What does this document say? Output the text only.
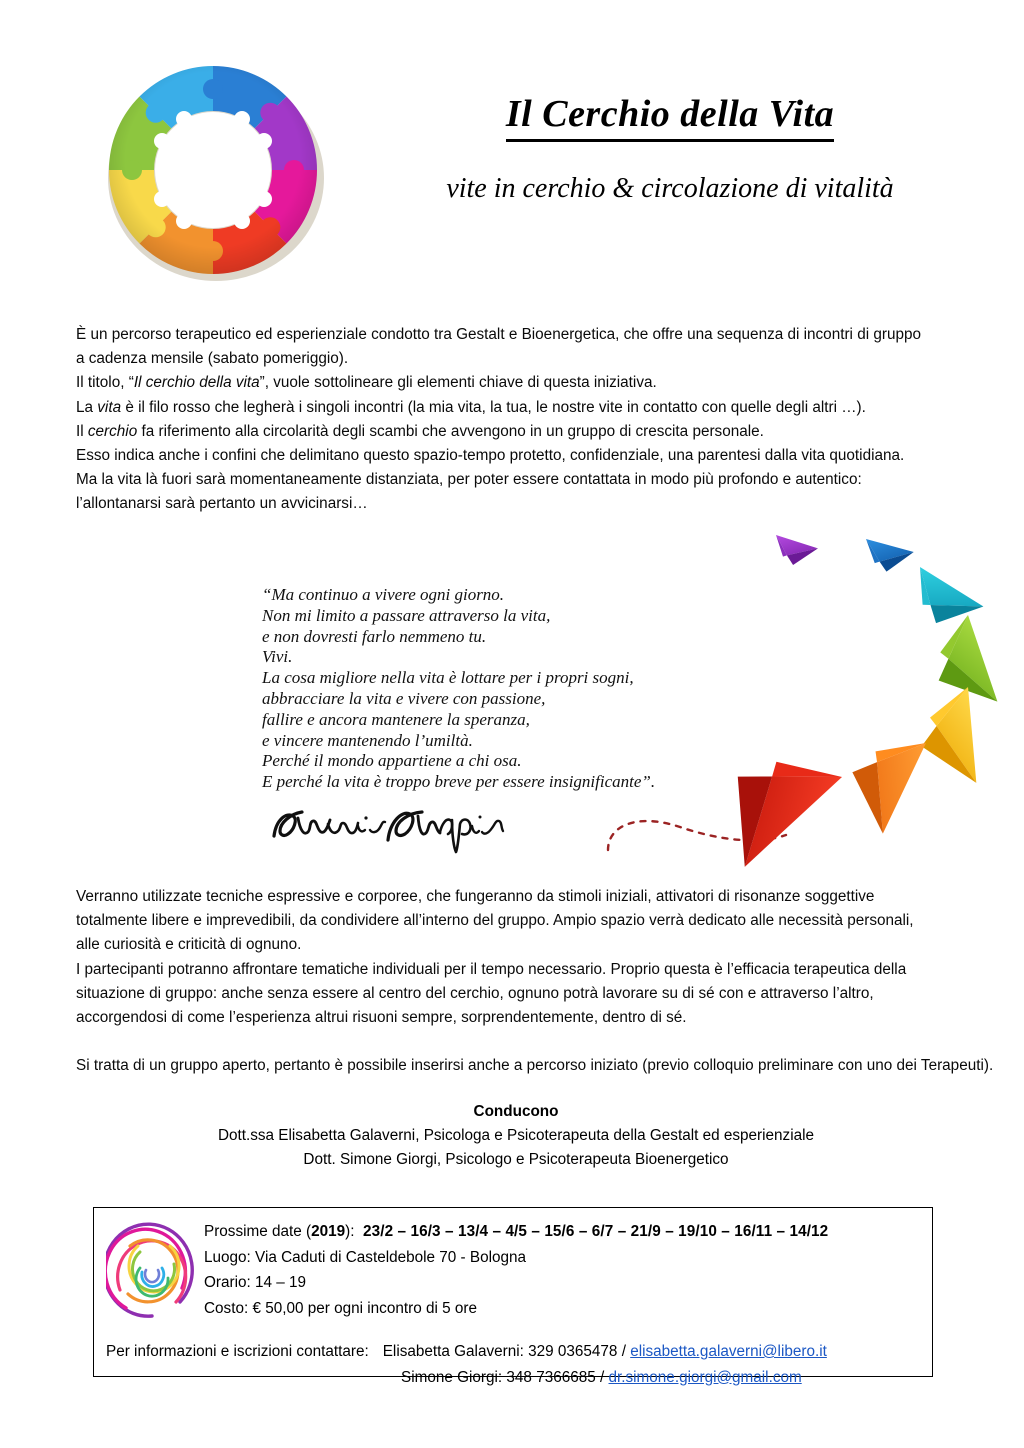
Il Cerchio della Vita
vite in cerchio & circolazione di vitalità
È un percorso terapeutico ed esperienziale condotto tra Gestalt e Bioenergetica, che offre una sequenza di incontri di gruppo
a cadenza mensile (sabato pomeriggio).
Il titolo, “Il cerchio della vita”, vuole sottolineare gli elementi chiave di questa iniziativa.
La vita è il filo rosso che legherà i singoli incontri (la mia vita, la tua, le nostre vite in contatto con quelle degli altri …).
Il cerchio fa riferimento alla circolarità degli scambi che avvengono in un gruppo di crescita personale.
Esso indica anche i confini che delimitano questo spazio-tempo protetto, confidenziale, una parentesi dalla vita quotidiana.
Ma la vita là fuori sarà momentaneamente distanziata, per poter essere contattata in modo più profondo e autentico:
l’allontanarsi sarà pertanto un avvicinarsi…
“Ma continuo a vivere ogni giorno.
Non mi limito a passare attraverso la vita,
e non dovresti farlo nemmeno tu.
Vivi.
La cosa migliore nella vita è lottare per i propri sogni,
abbracciare la vita e vivere con passione,
fallire e ancora mantenere la speranza,
e vincere mantenendo l’umiltà.
Perché il mondo appartiene a chi osa.
E perché la vita è troppo breve per essere insignificante”.
Verranno utilizzate tecniche espressive e corporee, che fungeranno da stimoli iniziali, attivatori di risonanze soggettive
totalmente libere e imprevedibili, da condividere all’interno del gruppo. Ampio spazio verrà dedicato alle necessità personali,
alle curiosità e criticità di ognuno.
I partecipanti potranno affrontare tematiche individuali per il tempo necessario. Proprio questa è l’efficacia terapeutica della
situazione di gruppo: anche senza essere al centro del cerchio, ognuno potrà lavorare su di sé con e attraverso l’altro,
accorgendosi di come l’esperienza altrui risuoni sempre, sorprendentemente, dentro di sé.
Si tratta di un gruppo aperto, pertanto è possibile inserirsi anche a percorso iniziato (previo colloquio preliminare con uno dei Terapeuti).
Conducono
Dott.ssa Elisabetta Galaverni, Psicologa e Psicoterapeuta della Gestalt ed esperienziale
Dott. Simone Giorgi, Psicologo e Psicoterapeuta Bioenergetico
Prossime date (2019): 23/2 – 16/3 – 13/4 – 4/5 – 15/6 – 6/7 – 21/9 – 19/10 – 16/11 – 14/12
Luogo: Via Caduti di Casteldebole 70 - Bologna
Orario: 14 – 19
Costo: € 50,00 per ogni incontro di 5 ore
Per informazioni e iscrizioni contattare: Elisabetta Galaverni: 329 0365478 / elisabetta.galaverni@libero.it
Simone Giorgi: 348 7366685 / dr.simone.giorgi@gmail.com
